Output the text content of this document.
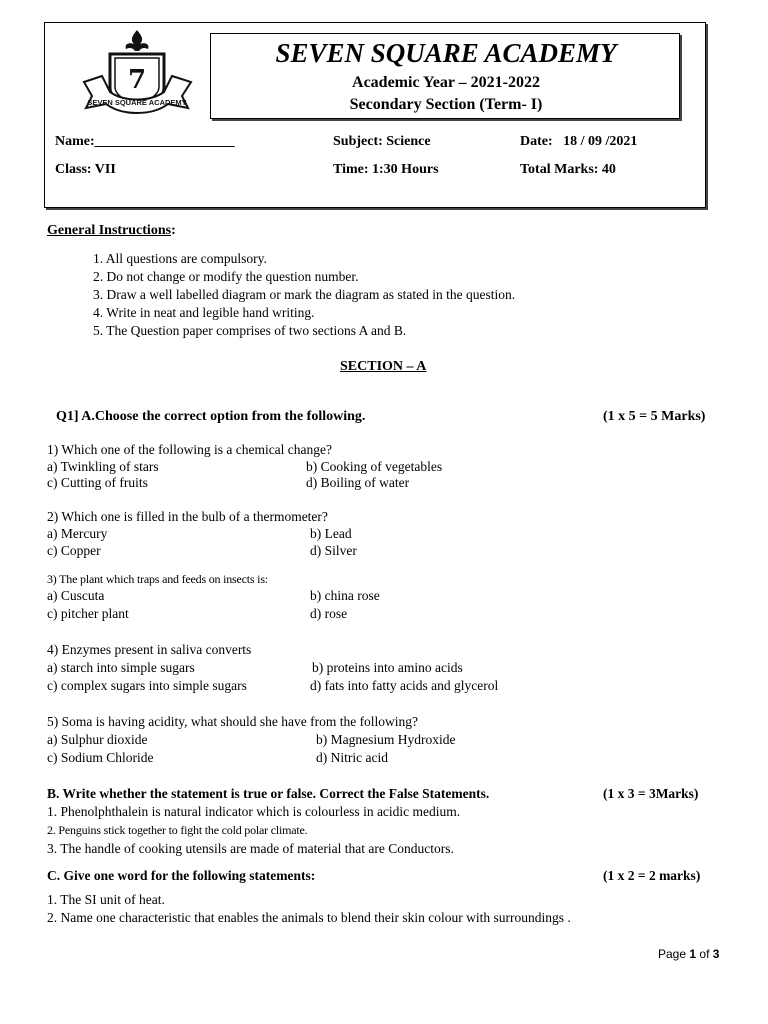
7
SEVEN SQUARE ACADEMY
SEVEN SQUARE ACADEMY
Academic Year – 2021-2022
Secondary Section (Term- I)
Name:____________________	Subject: Science	Date: 18 / 09 /2021
Class: VII	Time: 1:30 Hours	Total Marks: 40
General Instructions:
1. All questions are compulsory.
2. Do not change or modify the question number.
3. Draw a well labelled diagram or mark the diagram as stated in the question.
4. Write in neat and legible hand writing.
5. The Question paper comprises of two sections A and B.
SECTION – A
Q1] A.Choose the correct option from the following.	(1 x 5 = 5 Marks)
1) Which one of the following is a chemical change?
a) Twinkling of stars	b) Cooking of vegetables
c) Cutting of fruits	d) Boiling of water
2) Which one is filled in the bulb of a thermometer?
a) Mercury	b) Lead
c) Copper	d) Silver
3) The plant which traps and feeds on insects is:
a) Cuscuta	b) china rose
c) pitcher plant	d) rose
4) Enzymes present in saliva converts
a) starch into simple sugars	b) proteins into amino acids
c) complex sugars into simple sugars	d) fats into fatty acids and glycerol
5) Soma is having acidity, what should she have from the following?
a) Sulphur dioxide	b) Magnesium Hydroxide
c) Sodium Chloride	d) Nitric acid
B. Write whether the statement is true or false. Correct the False Statements.	(1 x 3 = 3Marks)
1. Phenolphthalein is natural indicator which is colourless in acidic medium.
2. Penguins stick together to fight the cold polar climate.
3. The handle of cooking utensils are made of material that are Conductors.
C. Give one word for the following statements:	(1 x 2 = 2 marks)
1. The SI unit of heat.
2. Name one characteristic that enables the animals to blend their skin colour with surroundings .
Page 1 of 3
